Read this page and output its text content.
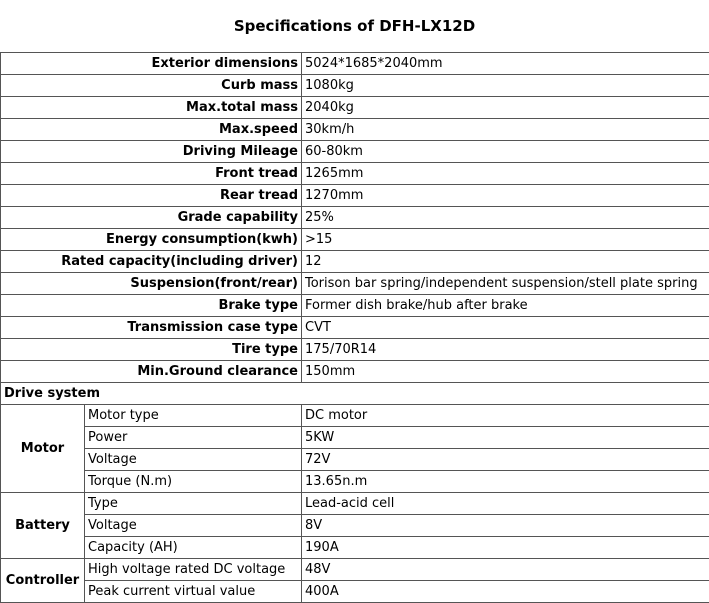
Specifications of DFH-LX12D
Exterior dimensions		5024*1685*2040mm
Curb mass		1080kg
Max.total mass		2040kg
Max.speed		30km/h
Driving Mileage		60-80km
Front tread		1265mm
Rear tread		1270mm
Grade capability		25%
Energy consumption(kwh)		>15
Rated capacity(including driver)		12
Suspension(front/rear)		Torison bar spring/independent suspension/stell plate spring
Brake type		Former dish brake/hub after brake
Transmission case type		CVT
Tire type		175/70R14
Min.Ground clearance		150mm
Drive system		
Motor	Motor type	DC motor
	Power	5KW
	Voltage	72V
	Torque (N.m)	13.65n.m
Battery	Type	Lead-acid cell
	Voltage	8V
	Capacity (AH)	190A
Controller	High voltage rated DC voltage	48V
	Peak current virtual value	400A
